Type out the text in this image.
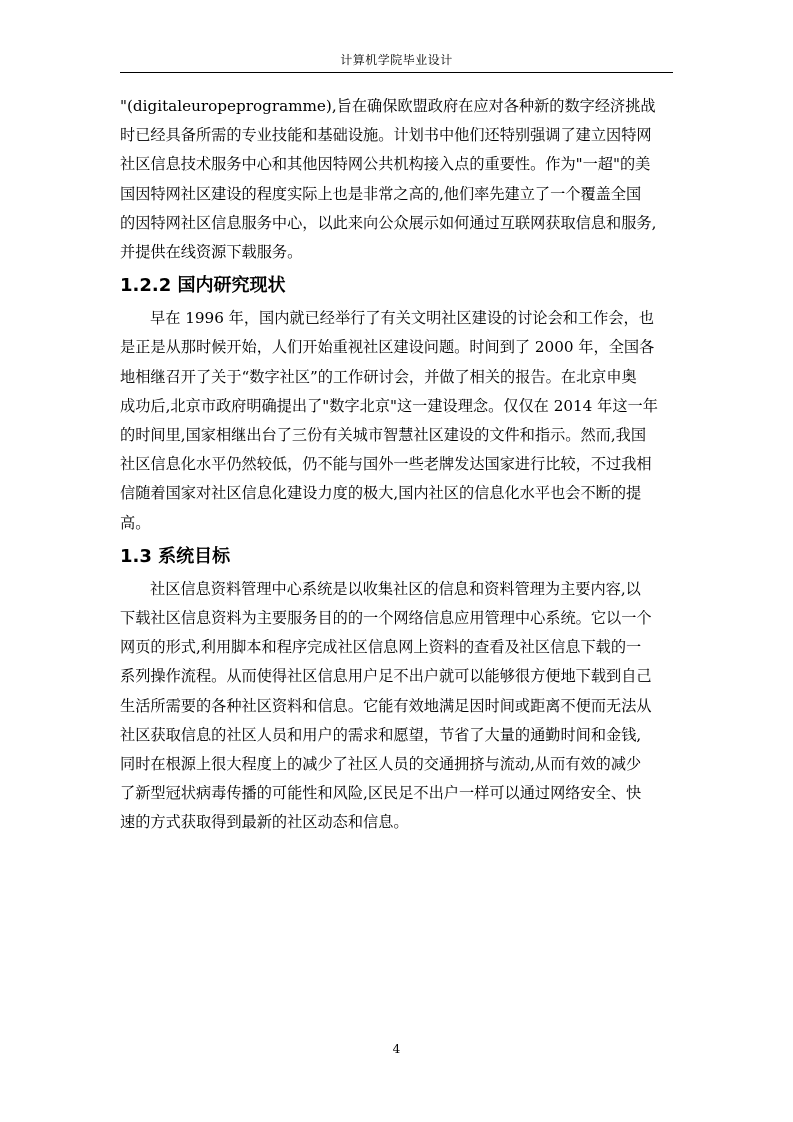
计算机学院毕业设计

"(digitaleuropeprogramme),旨在确保欧盟政府在应对各种新的数字经济挑战
时已经具备所需的专业技能和基础设施。计划书中他们还特别强调了建立因特网
社区信息技术服务中心和其他因特网公共机构接入点的重要性。作为"一超"的美
国因特网社区建设的程度实际上也是非常之高的,他们率先建立了一个覆盖全国
的因特网社区信息服务中心，以此来向公众展示如何通过互联网获取信息和服务,
并提供在线资源下载服务。

1.2.2 国内研究现状

早在 1996 年，国内就已经举行了有关文明社区建设的讨论会和工作会，也
是正是从那时候开始，人们开始重视社区建设问题。时间到了 2000 年，全国各
地相继召开了关于“数字社区”的工作研讨会，并做了相关的报告。在北京申奥
成功后,北京市政府明确提出了"数字北京"这一建设理念。仅仅在 2014 年这一年
的时间里,国家相继出台了三份有关城市智慧社区建设的文件和指示。然而,我国
社区信息化水平仍然较低，仍不能与国外一些老牌发达国家进行比较，不过我相
信随着国家对社区信息化建设力度的极大,国内社区的信息化水平也会不断的提
高。

1.3 系统目标

社区信息资料管理中心系统是以收集社区的信息和资料管理为主要内容,以
下载社区信息资料为主要服务目的的一个网络信息应用管理中心系统。它以一个
网页的形式,利用脚本和程序完成社区信息网上资料的查看及社区信息下载的一
系列操作流程。从而使得社区信息用户足不出户就可以能够很方便地下载到自己
生活所需要的各种社区资料和信息。它能有效地满足因时间或距离不便而无法从
社区获取信息的社区人员和用户的需求和愿望，节省了大量的通勤时间和金钱,
同时在根源上很大程度上的减少了社区人员的交通拥挤与流动,从而有效的减少
了新型冠状病毒传播的可能性和风险,区民足不出户一样可以通过网络安全、快
速的方式获取得到最新的社区动态和信息。

4
